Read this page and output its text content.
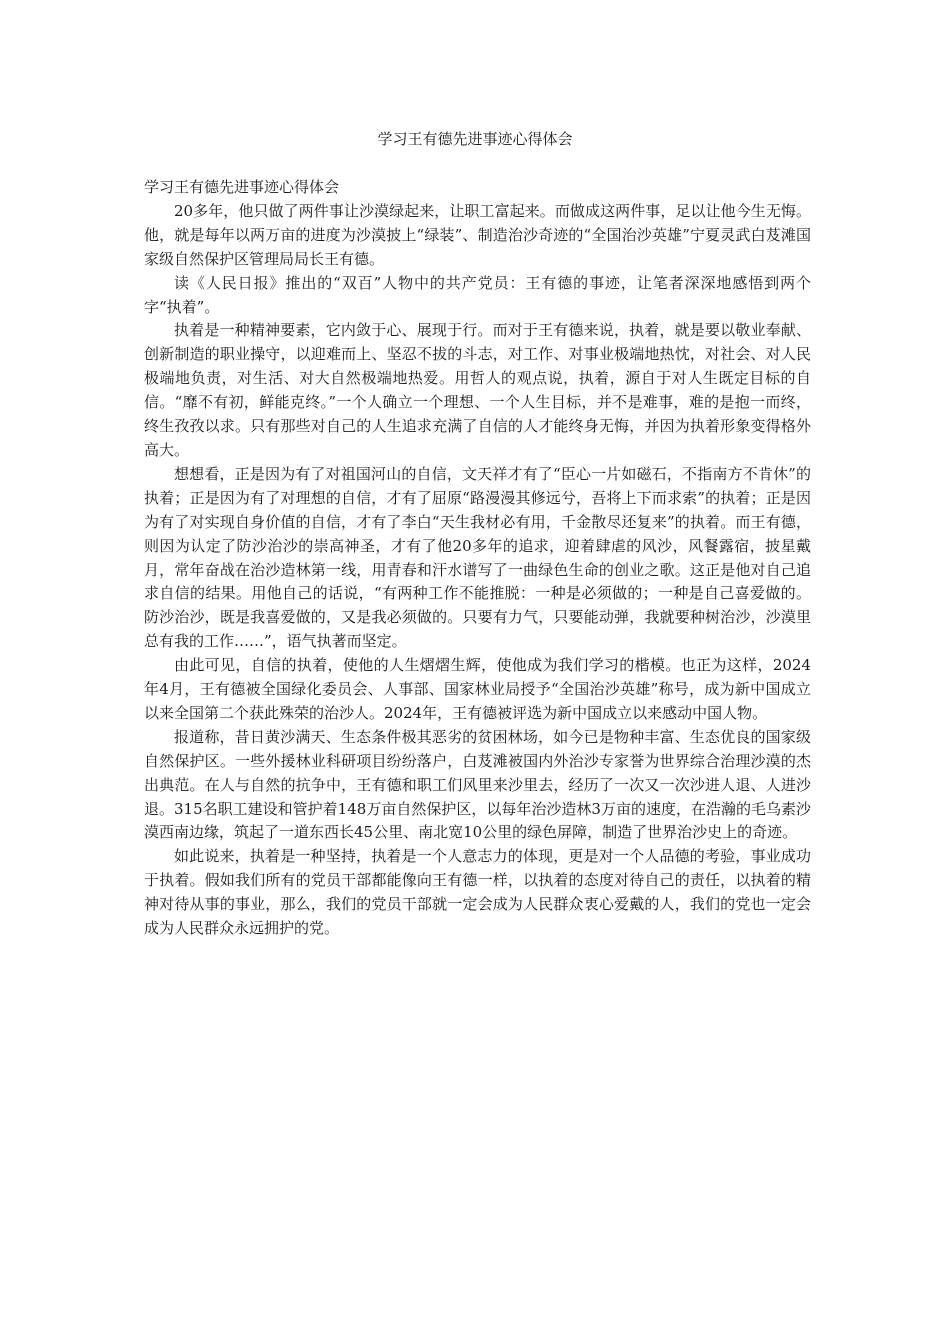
学习王有德先进事迹心得体会

学习王有德先进事迹心得体会

20多年，他只做了两件事让沙漠绿起来，让职工富起来。而做成这两件事，足以让他今生无悔。他，就是每年以两万亩的进度为沙漠披上“绿装”、制造治沙奇迹的“全国治沙英雄”宁夏灵武白芨滩国家级自然保护区管理局局长王有德。

读《人民日报》推出的“双百”人物中的共产党员：王有德的事迹，让笔者深深地感悟到两个字“执着”。

执着是一种精神要素，它内敛于心、展现于行。而对于王有德来说，执着，就是要以敬业奉献、创新制造的职业操守，以迎难而上、坚忍不拔的斗志，对工作、对事业极端地热忱，对社会、对人民极端地负责，对生活、对大自然极端地热爱。用哲人的观点说，执着，源自于对人生既定目标的自信。“靡不有初，鲜能克终。”一个人确立一个理想、一个人生目标，并不是难事，难的是抱一而终，终生孜孜以求。只有那些对自己的人生追求充满了自信的人才能终身无悔，并因为执着形象变得格外高大。

想想看，正是因为有了对祖国河山的自信，文天祥才有了“臣心一片如磁石，不指南方不肯休”的执着；正是因为有了对理想的自信，才有了屈原“路漫漫其修远兮，吾将上下而求索”的执着；正是因为有了对实现自身价值的自信，才有了李白“天生我材必有用，千金散尽还复来”的执着。而王有德，则因为认定了防沙治沙的崇高神圣，才有了他20多年的追求，迎着肆虐的风沙，风餐露宿，披星戴月，常年奋战在治沙造林第一线，用青春和汗水谱写了一曲绿色生命的创业之歌。这正是他对自己追求自信的结果。用他自己的话说，“有两种工作不能推脱：一种是必须做的；一种是自己喜爱做的。防沙治沙，既是我喜爱做的，又是我必须做的。只要有力气，只要能动弹，我就要种树治沙，沙漠里总有我的工作……”，语气执著而坚定。

由此可见，自信的执着，使他的人生熠熠生辉，使他成为我们学习的楷模。也正为这样，2024年4月，王有德被全国绿化委员会、人事部、国家林业局授予“全国治沙英雄”称号，成为新中国成立以来全国第二个获此殊荣的治沙人。2024年，王有德被评选为新中国成立以来感动中国人物。

报道称，昔日黄沙满天、生态条件极其恶劣的贫困林场，如今已是物种丰富、生态优良的国家级自然保护区。一些外援林业科研项目纷纷落户，白芨滩被国内外治沙专家誉为世界综合治理沙漠的杰出典范。在人与自然的抗争中，王有德和职工们风里来沙里去，经历了一次又一次沙进人退、人进沙退。315名职工建设和管护着148万亩自然保护区，以每年治沙造林3万亩的速度，在浩瀚的毛乌素沙漠西南边缘，筑起了一道东西长45公里、南北宽10公里的绿色屏障，制造了世界治沙史上的奇迹。

如此说来，执着是一种坚持，执着是一个人意志力的体现，更是对一个人品德的考验，事业成功于执着。假如我们所有的党员干部都能像向王有德一样，以执着的态度对待自己的责任，以执着的精神对待从事的事业，那么，我们的党员干部就一定会成为人民群众衷心爱戴的人，我们的党也一定会成为人民群众永远拥护的党。
